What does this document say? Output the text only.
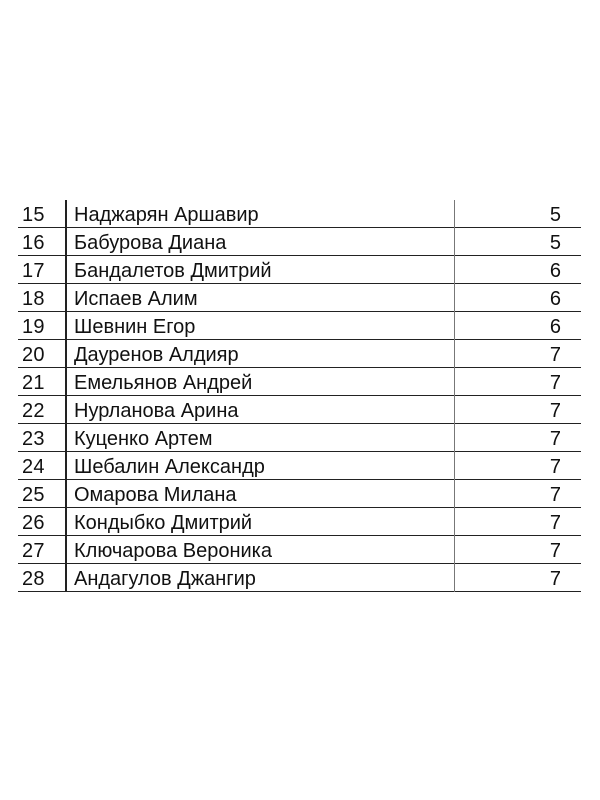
15	Наджарян Аршавир	5
16	Бабурова Диана	5
17	Бандалетов Дмитрий	6
18	Испаев Алим	6
19	Шевнин Егор	6
20	Дауренов Алдияр	7
21	Емельянов Андрей	7
22	Нурланова Арина	7
23	Куценко Артем	7
24	Шебалин Александр	7
25	Омарова Милана	7
26	Кондыбко Дмитрий	7
27	Ключарова Вероника	7
28	Андагулов Джангир	7
